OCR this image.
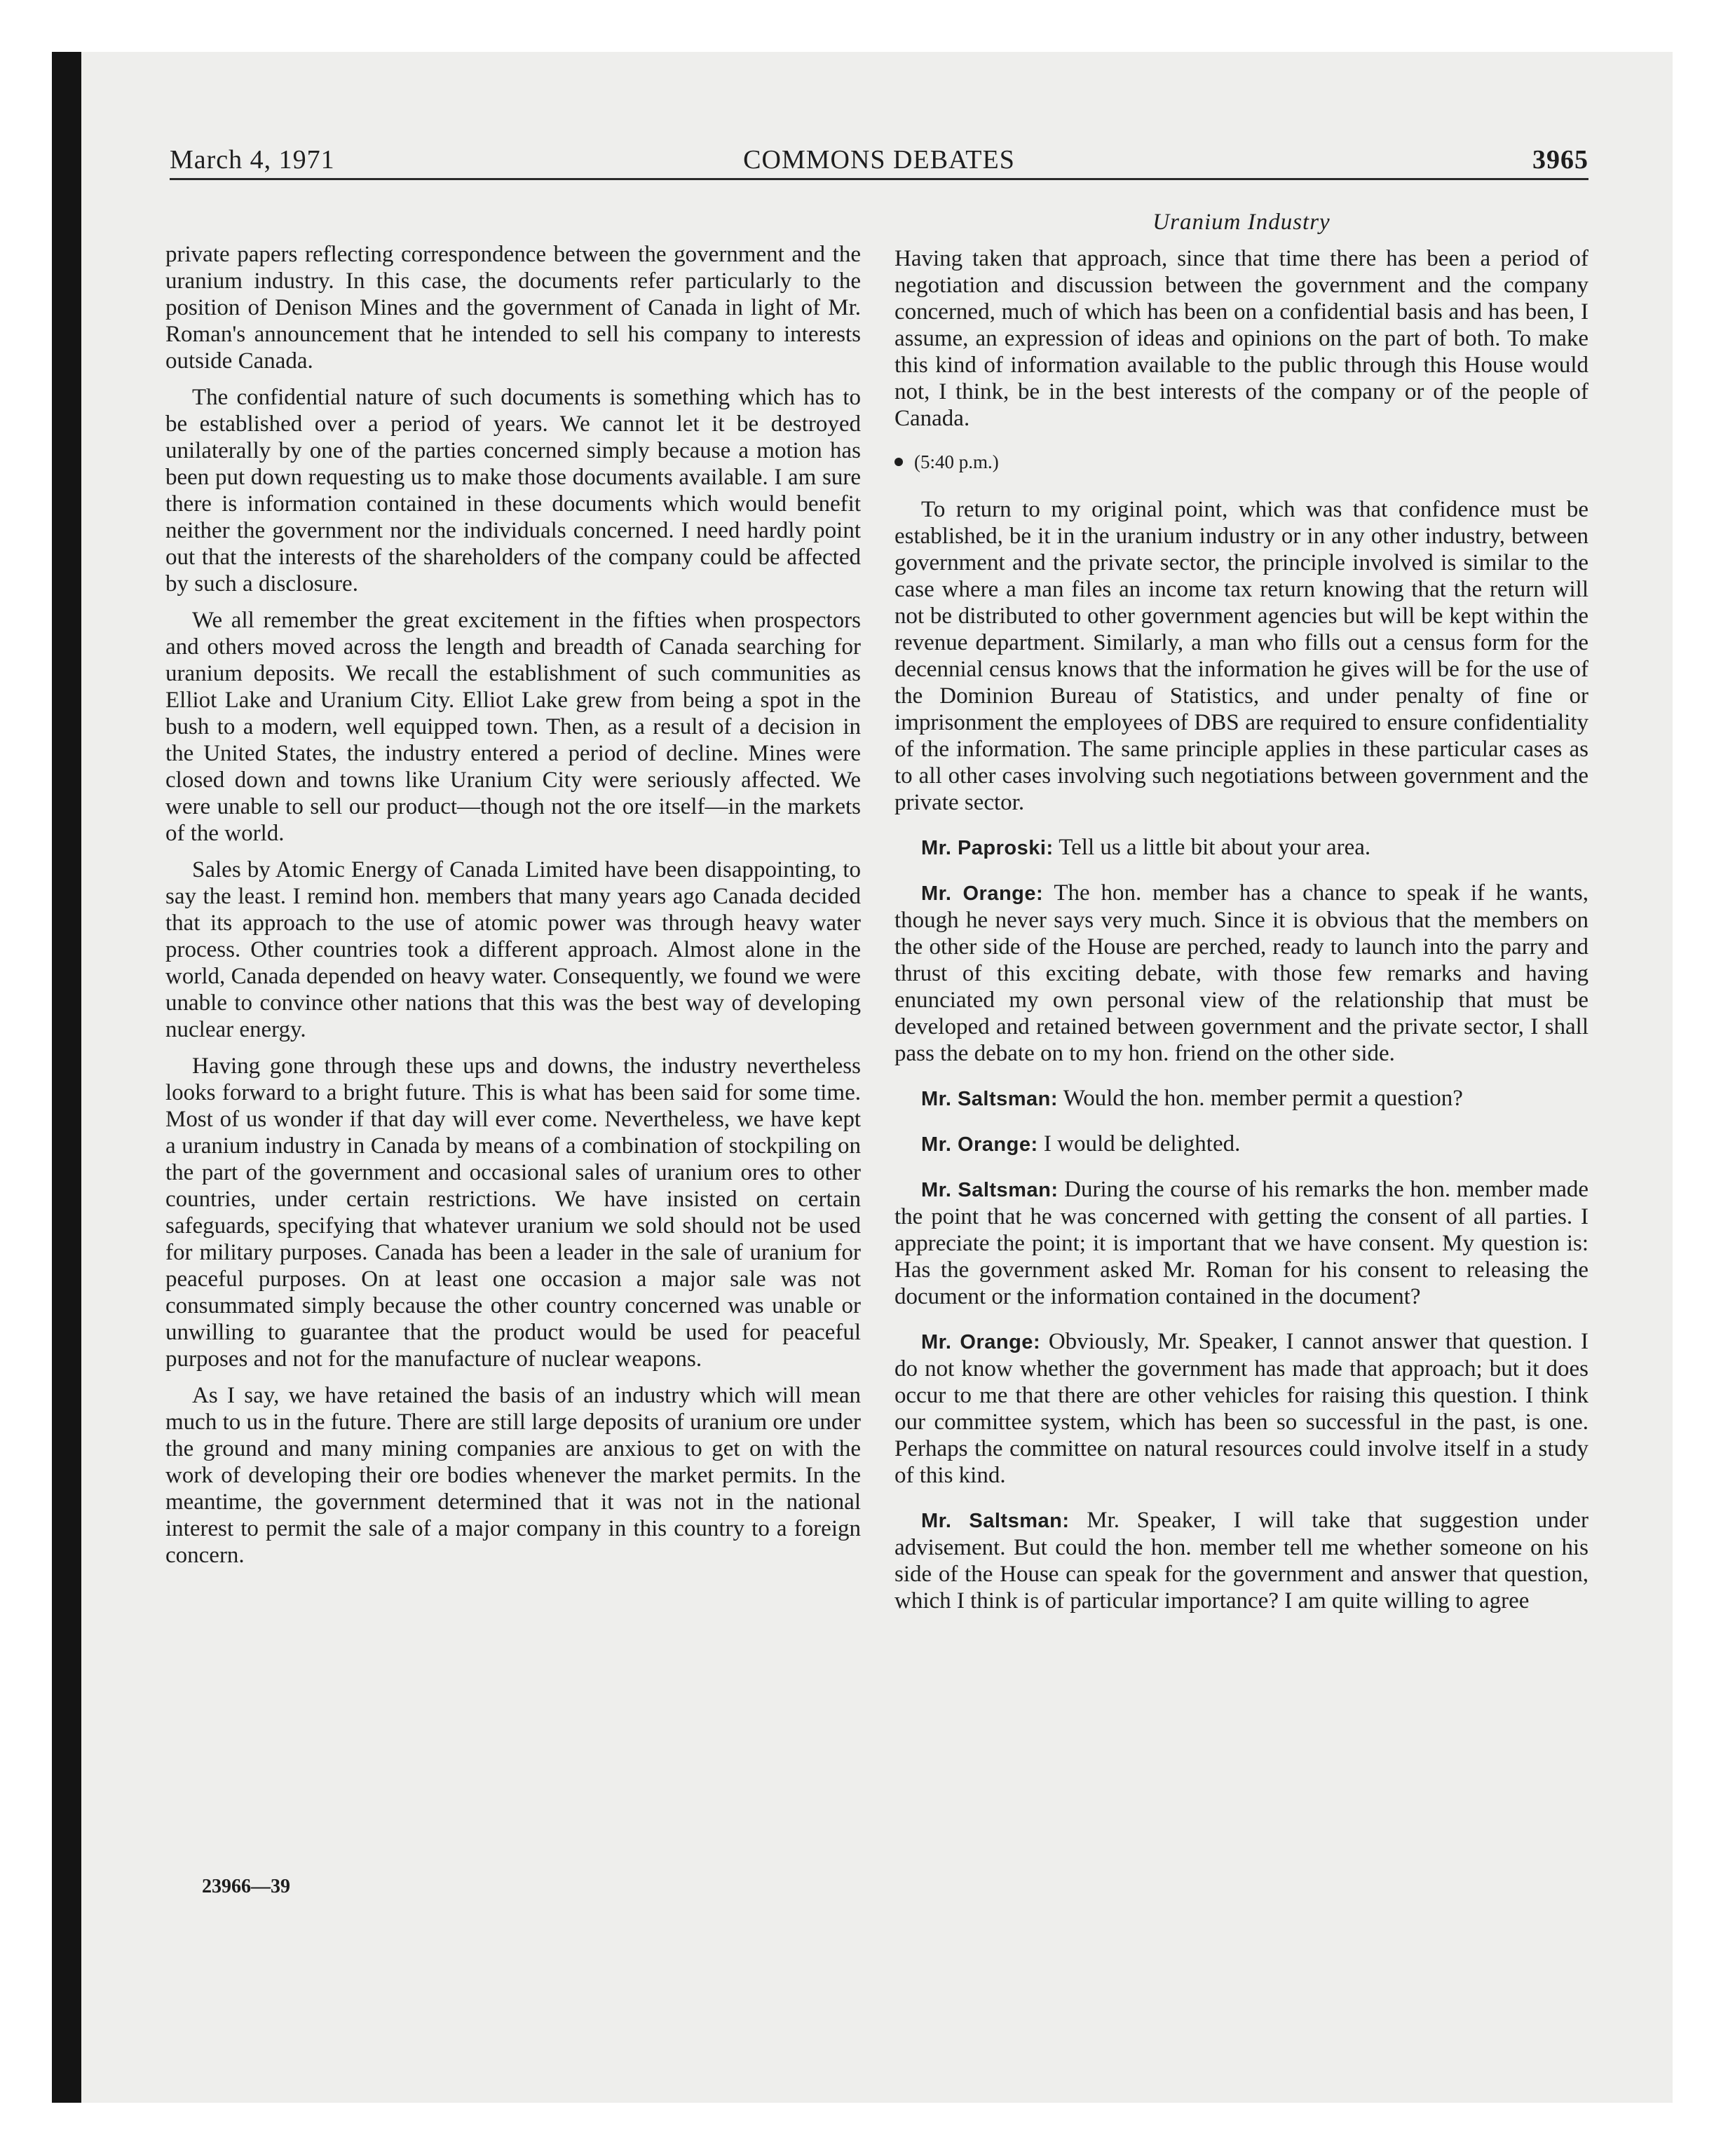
March 4, 1971	COMMONS DEBATES	3965

private papers reflecting correspondence between the government and the uranium industry. In this case, the documents refer particularly to the position of Denison Mines and the government of Canada in light of Mr. Roman's announcement that he intended to sell his company to interests outside Canada.

The confidential nature of such documents is something which has to be established over a period of years. We cannot let it be destroyed unilaterally by one of the parties concerned simply because a motion has been put down requesting us to make those documents available. I am sure there is information contained in these documents which would benefit neither the government nor the individuals concerned. I need hardly point out that the interests of the shareholders of the company could be affected by such a disclosure.

We all remember the great excitement in the fifties when prospectors and others moved across the length and breadth of Canada searching for uranium deposits. We recall the establishment of such communities as Elliot Lake and Uranium City. Elliot Lake grew from being a spot in the bush to a modern, well equipped town. Then, as a result of a decision in the United States, the industry entered a period of decline. Mines were closed down and towns like Uranium City were seriously affected. We were unable to sell our product—though not the ore itself—in the markets of the world.

Sales by Atomic Energy of Canada Limited have been disappointing, to say the least. I remind hon. members that many years ago Canada decided that its approach to the use of atomic power was through heavy water process. Other countries took a different approach. Almost alone in the world, Canada depended on heavy water. Consequently, we found we were unable to convince other nations that this was the best way of developing nuclear energy.

Having gone through these ups and downs, the industry nevertheless looks forward to a bright future. This is what has been said for some time. Most of us wonder if that day will ever come. Nevertheless, we have kept a uranium industry in Canada by means of a combination of stockpiling on the part of the government and occasional sales of uranium ores to other countries, under certain restrictions. We have insisted on certain safeguards, specifying that whatever uranium we sold should not be used for military purposes. Canada has been a leader in the sale of uranium for peaceful purposes. On at least one occasion a major sale was not consummated simply because the other country concerned was unable or unwilling to guarantee that the product would be used for peaceful purposes and not for the manufacture of nuclear weapons.

As I say, we have retained the basis of an industry which will mean much to us in the future. There are still large deposits of uranium ore under the ground and many mining companies are anxious to get on with the work of developing their ore bodies whenever the market permits. In the meantime, the government determined that it was not in the national interest to permit the sale of a major company in this country to a foreign concern.

23966—39

Uranium Industry

Having taken that approach, since that time there has been a period of negotiation and discussion between the government and the company concerned, much of which has been on a confidential basis and has been, I assume, an expression of ideas and opinions on the part of both. To make this kind of information available to the public through this House would not, I think, be in the best interests of the company or of the people of Canada.

(5:40 p.m.)

To return to my original point, which was that confidence must be established, be it in the uranium industry or in any other industry, between government and the private sector, the principle involved is similar to the case where a man files an income tax return knowing that the return will not be distributed to other government agencies but will be kept within the revenue department. Similarly, a man who fills out a census form for the decennial census knows that the information he gives will be for the use of the Dominion Bureau of Statistics, and under penalty of fine or imprisonment the employees of DBS are required to ensure confidentiality of the information. The same principle applies in these particular cases as to all other cases involving such negotiations between government and the private sector.

Mr. Paproski: Tell us a little bit about your area.

Mr. Orange: The hon. member has a chance to speak if he wants, though he never says very much. Since it is obvious that the members on the other side of the House are perched, ready to launch into the parry and thrust of this exciting debate, with those few remarks and having enunciated my own personal view of the relationship that must be developed and retained between government and the private sector, I shall pass the debate on to my hon. friend on the other side.

Mr. Saltsman: Would the hon. member permit a question?

Mr. Orange: I would be delighted.

Mr. Saltsman: During the course of his remarks the hon. member made the point that he was concerned with getting the consent of all parties. I appreciate the point; it is important that we have consent. My question is: Has the government asked Mr. Roman for his consent to releasing the document or the information contained in the document?

Mr. Orange: Obviously, Mr. Speaker, I cannot answer that question. I do not know whether the government has made that approach; but it does occur to me that there are other vehicles for raising this question. I think our committee system, which has been so successful in the past, is one. Perhaps the committee on natural resources could involve itself in a study of this kind.

Mr. Saltsman: Mr. Speaker, I will take that suggestion under advisement. But could the hon. member tell me whether someone on his side of the House can speak for the government and answer that question, which I think is of particular importance? I am quite willing to agree
